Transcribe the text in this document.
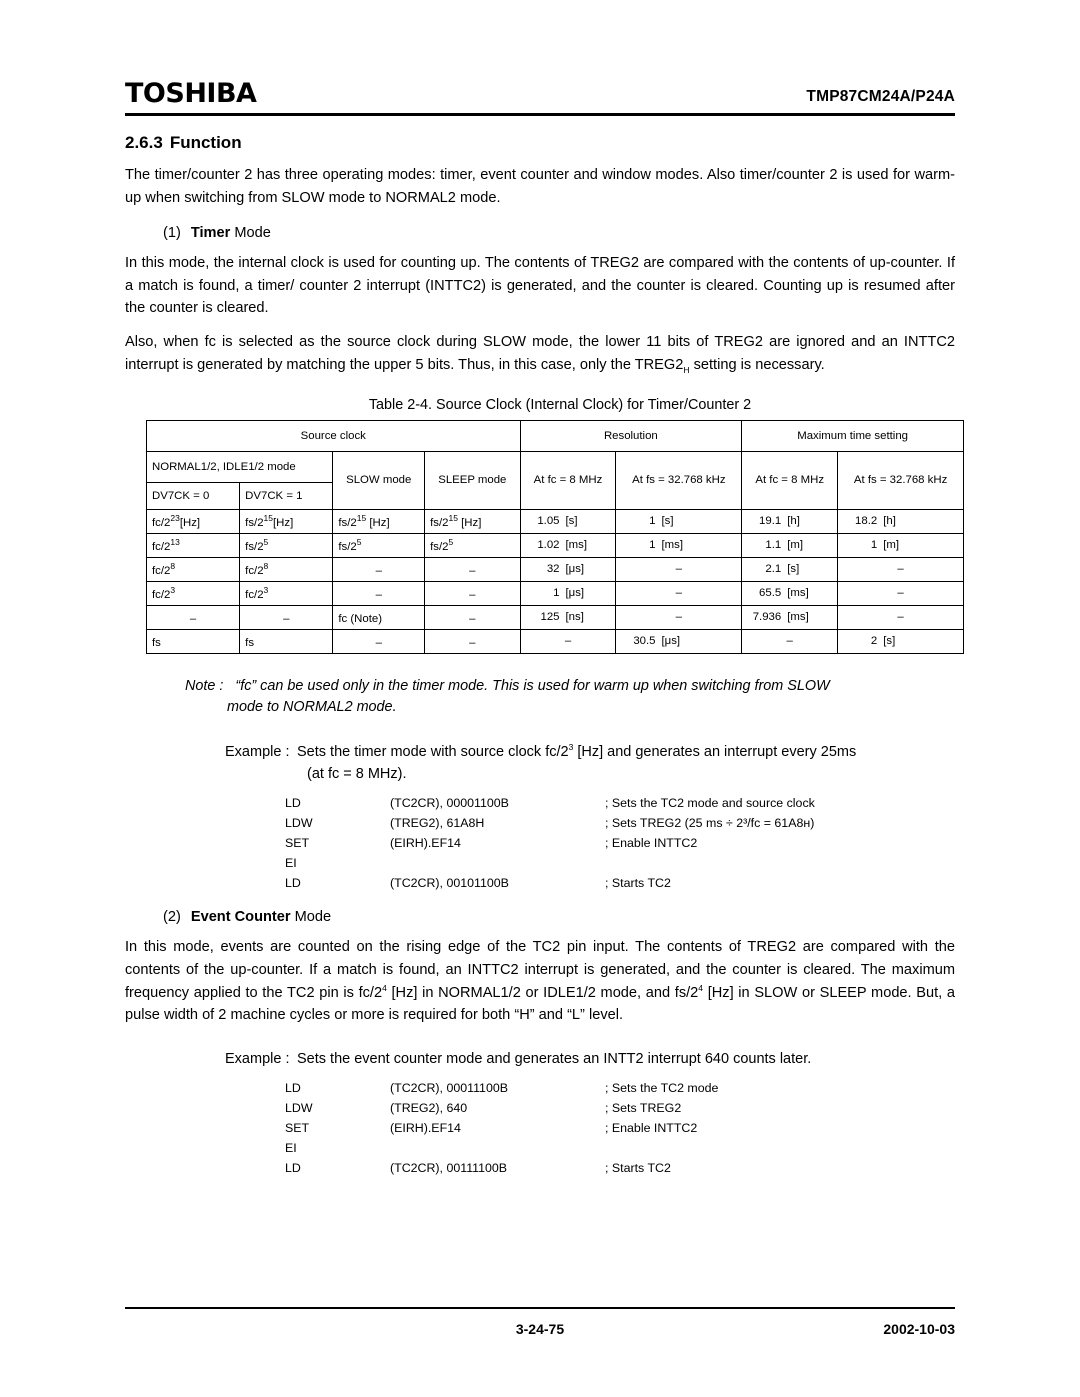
TOSHIBA	TMP87CM24A/P24A
2.6.3 Function

The timer/counter 2 has three operating modes: timer, event counter and window modes. Also timer/counter 2 is used for warm-up when switching from SLOW mode to NORMAL2 mode.

(1) Timer Mode

In this mode, the internal clock is used for counting up. The contents of TREG2 are compared with the contents of up-counter. If a match is found, a timer/ counter 2 interrupt (INTTC2) is generated, and the counter is cleared. Counting up is resumed after the counter is cleared.

Also, when fc is selected as the source clock during SLOW mode, the lower 11 bits of TREG2 are ignored and an INTTC2 interrupt is generated by matching the upper 5 bits. Thus, in this case, only the $TREG2_H$ setting is necessary.

Table 2-4. Source Clock (Internal Clock) for Timer/Counter 2
Source clock				Resolution		Maximum time setting	
NORMAL1/2, IDLE1/2 mode		SLOW mode	SLEEP mode	At fc = 8 MHz	At fs = 32.768 kHz	At fc = 8 MHz	At fs = 32.768 kHz
DV7CK = 0	DV7CK = 1						
$fc/2^{23}[Hz]$	$fs/2^{15}[Hz]$	$fs/2^{15}$ [Hz]	$fs/2^{15}$ [Hz]	1.05 [s]	1 [s]	19.1 [h]	18.2 [h]
$fc/2^{13}$	$fs/2^5$	$fs/2^5$	$fs/2^5$	1.02 [ms]	1 [ms]	1.1 [m]	1 [m]
$fc/2^8$	$fc/2^8$	–	–	32 [μs]	–	2.1 [s]	–
$fc/2^3$	$fc/2^3$	–	–	1 [μs]	–	65.5 [ms]	–
–	–	fc (Note)	–	125 [ns]	–	7.936 [ms]	–
fs	fs	–	–	–	30.5 [μs]	–	2 [s]
Note : “fc” can be used only in the timer mode. This is used for warm up when switching from SLOW
mode to NORMAL2 mode.
Example : Sets the timer mode with source clock $fc/2^3$ [Hz] and generates an interrupt every 25ms
(at fc = 8 MHz).
LD	(TC2CR), 00001100B	; Sets the TC2 mode and source clock
LDW	(TREG2), 61A8H	; Sets TREG2 (25 ms ÷ 2³/fc = 61A8ʜ)
SET	(EIRH).EF14	; Enable INTTC2
EI		
LD	(TC2CR), 00101100B	; Starts TC2
(2) Event Counter Mode

In this mode, events are counted on the rising edge of the TC2 pin input. The contents of TREG2 are compared with the contents of the up-counter. If a match is found, an INTTC2 interrupt is generated, and the counter is cleared. The maximum frequency applied to the TC2 pin is $fc/2^4$ [Hz] in NORMAL1/2 or IDLE1/2 mode, and $fs/2^4$ [Hz] in SLOW or SLEEP mode. But, a pulse width of 2 machine cycles or more is required for both “H” and “L” level.

Example : Sets the event counter mode and generates an INTT2 interrupt 640 counts later.
LD	(TC2CR), 00011100B	; Sets the TC2 mode
LDW	(TREG2), 640	; Sets TREG2
SET	(EIRH).EF14	; Enable INTTC2
EI		
LD	(TC2CR), 00111100B	; Starts TC2
3-24-75	2002-10-03
